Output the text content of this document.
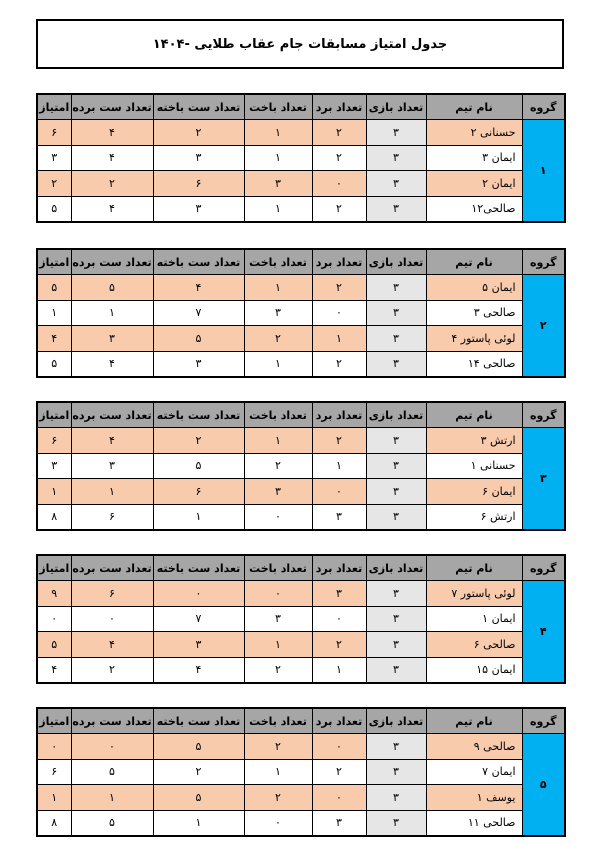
جدول امتیاز مسابقات جام عقاب طلایی -۱۴۰۴
امتیاز	تعداد ست برده	تعداد ست باخته	تعداد باخت	تعداد برد	تعداد بازی	نام تیم	گروه
۶	۴	۲	۱	۲	۳	حسنانی ۲	۱
۳	۴	۳	۱	۲	۳	ایمان ۳	
۲	۲	۶	۳	۰	۳	ایمان ۲	
۵	۴	۳	۱	۲	۳	صالحی۱۲	
امتیاز	تعداد ست برده	تعداد ست باخته	تعداد باخت	تعداد برد	تعداد بازی	نام تیم	گروه
۵	۵	۴	۱	۲	۳	ایمان ۵	۲
۱	۱	۷	۳	۰	۳	صالحی ۳	
۴	۳	۵	۲	۱	۳	لوئی پاستور ۴	
۵	۴	۳	۱	۲	۳	صالحی ۱۴	
امتیاز	تعداد ست برده	تعداد ست باخته	تعداد باخت	تعداد برد	تعداد بازی	نام تیم	گروه
۶	۴	۲	۱	۲	۳	ارتش ۳	۳
۳	۳	۵	۲	۱	۳	حسنانی ۱	
۱	۱	۶	۳	۰	۳	ایمان ۶	
۸	۶	۱	۰	۳	۳	ارتش ۶	
امتیاز	تعداد ست برده	تعداد ست باخته	تعداد باخت	تعداد برد	تعداد بازی	نام تیم	گروه
۹	۶	۰	۰	۳	۳	لوئی پاستور ۷	۴
۰	۰	۷	۳	۰	۳	ایمان ۱	
۵	۴	۳	۱	۲	۳	صالحی ۶	
۴	۲	۴	۲	۱	۳	ایمان ۱۵	
امتیاز	تعداد ست برده	تعداد ست باخته	تعداد باخت	تعداد برد	تعداد بازی	نام تیم	گروه
۰	۰	۵	۲	۰	۳	صالحی ۹	۵
۶	۵	۲	۱	۲	۳	ایمان ۷	
۱	۱	۵	۲	۰	۳	یوسف ۱	
۸	۵	۱	۰	۳	۳	صالحی ۱۱	
